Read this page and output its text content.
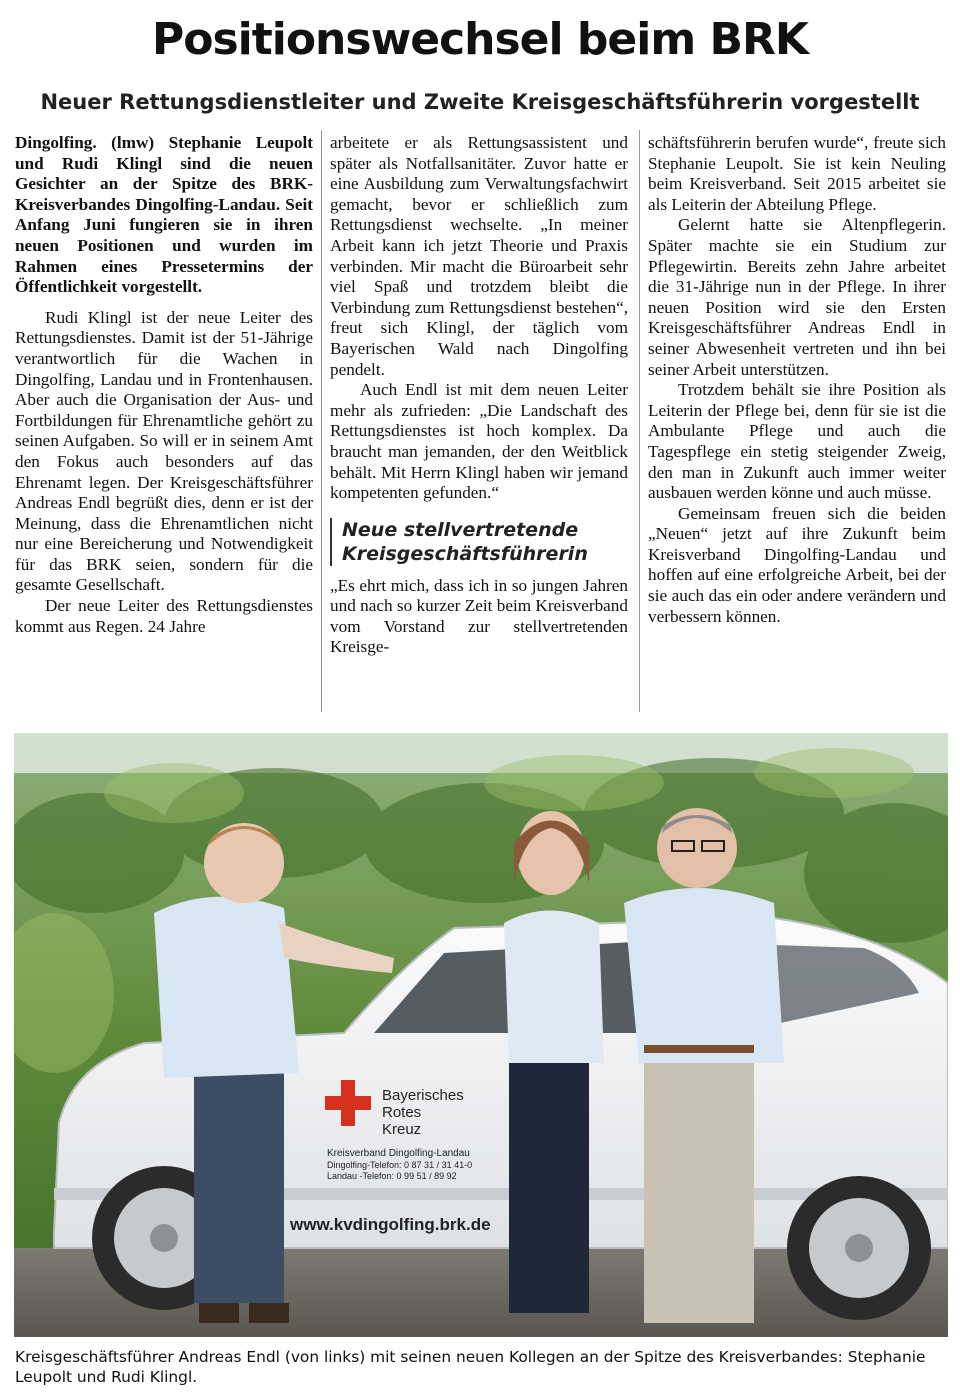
Positionswechsel beim BRK
Neuer Rettungsdienstleiter und Zweite Kreisgeschäftsführerin vorgestellt

Dingolfing. (lmw) Stephanie Leupolt und Rudi Klingl sind die neuen Gesichter an der Spitze des BRK-Kreisverbandes Dingolfing-Landau. Seit Anfang Juni fungieren sie in ihren neuen Positionen und wurden im Rahmen eines Pressetermins der Öffentlichkeit vorgestellt.

Rudi Klingl ist der neue Leiter des Rettungsdienstes. Damit ist der 51-Jährige verantwortlich für die Wachen in Dingolfing, Landau und in Frontenhausen. Aber auch die Organisation der Aus- und Fortbildungen für Ehrenamtliche gehört zu seinen Aufgaben. So will er in seinem Amt den Fokus auch besonders auf das Ehrenamt legen. Der Kreisgeschäftsführer Andreas Endl begrüßt dies, denn er ist der Meinung, dass die Ehrenamtlichen nicht nur eine Bereicherung und Notwendigkeit für das BRK seien, sondern für die gesamte Gesellschaft.

Der neue Leiter des Rettungsdienstes kommt aus Regen. 24 Jahre

arbeitete er als Rettungsassistent und später als Notfallsanitäter. Zuvor hatte er eine Ausbildung zum Verwaltungsfachwirt gemacht, bevor er schließlich zum Rettungsdienst wechselte. „In meiner Arbeit kann ich jetzt Theorie und Praxis verbinden. Mir macht die Büroarbeit sehr viel Spaß und trotzdem bleibt die Verbindung zum Rettungsdienst bestehen“, freut sich Klingl, der täglich vom Bayerischen Wald nach Dingolfing pendelt.

Auch Endl ist mit dem neuen Leiter mehr als zufrieden: „Die Landschaft des Rettungsdienstes ist hoch komplex. Da braucht man jemanden, der den Weitblick behält. Mit Herrn Klingl haben wir jemand kompetenten gefunden.“

Neue stellvertretende Kreisgeschäftsführerin

„Es ehrt mich, dass ich in so jungen Jahren und nach so kurzer Zeit beim Kreisverband vom Vorstand zur stellvertretenden Kreisge-

schäftsführerin berufen wurde“, freute sich Stephanie Leupolt. Sie ist kein Neuling beim Kreisverband. Seit 2015 arbeitet sie als Leiterin der Abteilung Pflege.

Gelernt hatte sie Altenpflegerin. Später machte sie ein Studium zur Pflegewirtin. Bereits zehn Jahre arbeitet die 31-Jährige nun in der Pflege. In ihrer neuen Position wird sie den Ersten Kreisgeschäftsführer Andreas Endl in seiner Abwesenheit vertreten und ihn bei seiner Arbeit unterstützen.

Trotzdem behält sie ihre Position als Leiterin der Pflege bei, denn für sie ist die Ambulante Pflege und auch die Tagespflege ein stetig steigender Zweig, den man in Zukunft auch immer weiter ausbauen werden könne und auch müsse.

Gemeinsam freuen sich die beiden „Neuen“ jetzt auf ihre Zukunft beim Kreisverband Dingolfing-Landau und hoffen auf eine erfolgreiche Arbeit, bei der sie auch das ein oder andere verändern und verbessern können.

Bayerisches
Rotes
Kreuz
Kreisverband Dingolfing-Landau
Dingolfing-Telefon: 0 87 31 / 31 41-0
Landau -Telefon: 0 99 51 / 89 92
www.kvdingolfing.brk.de
Kreisgeschäftsführer Andreas Endl (von links) mit seinen neuen Kollegen an der Spitze des Kreisverbandes: Stephanie Leupolt und Rudi Klingl.
